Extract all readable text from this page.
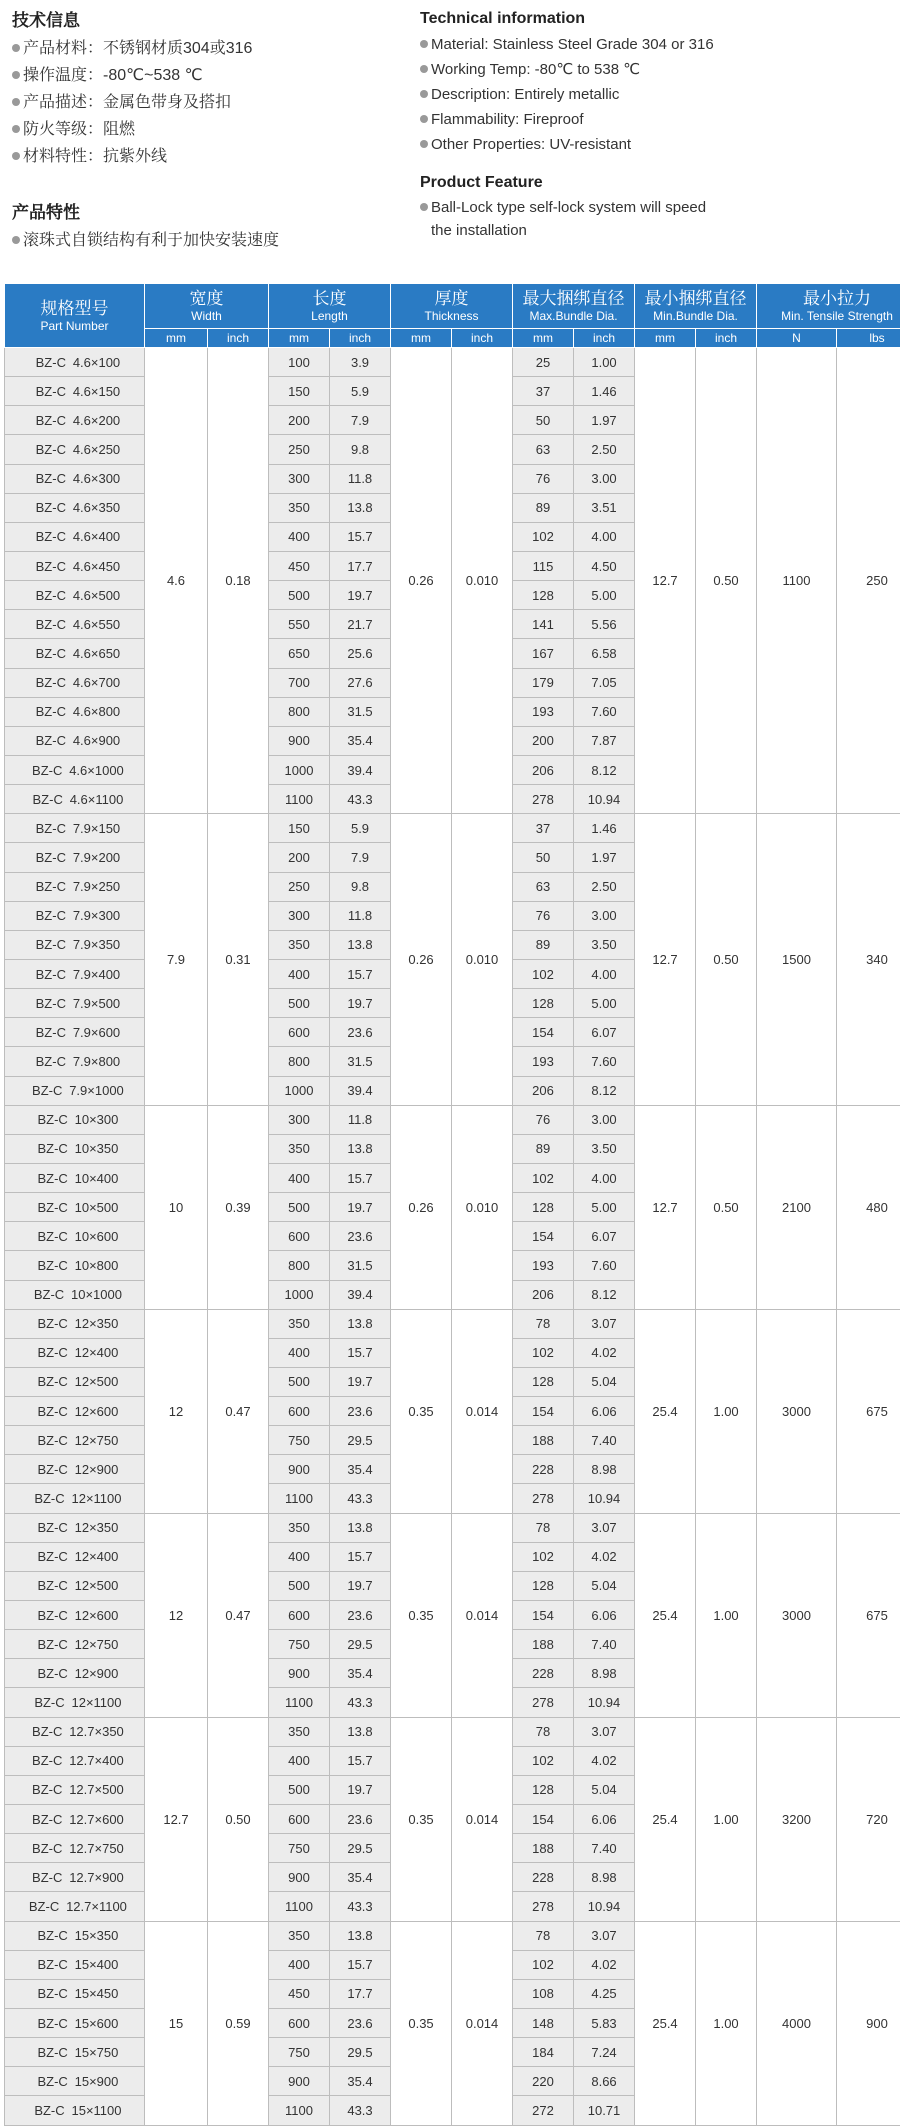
技术信息
产品材料：不锈钢材质304或316
操作温度：-80℃~538 ℃
产品描述：金属色带身及搭扣
防火等级：阻燃
材料特性：抗紫外线
Technical information
Material: Stainless Steel Grade 304 or 316
Working Temp: -80℃ to 538 ℃
Description: Entirely metallic
Flammability: Fireproof
Other Properties: UV-resistant
产品特性
滚珠式自锁结构有利于加快安装速度
Product Feature
Ball-Lock type self-lock system will speed
the installation
规格型号
Part Number	宽度
Width		长度
Length		厚度
Thickness		最大捆绑直径
Max.Bundle Dia.		最小捆绑直径
Min.Bundle Dia.		最小拉力
Min. Tensile Strength	

	mm	inch	mm	inch	mm	inch	mm	inch	mm	inch	N	lbs
BZ-C 4.6×100	4.6	0.18	100	3.9	0.26	0.010	25	1.00	12.7	0.50	1100	250
BZ-C 4.6×150			150	5.9			37	1.46				
BZ-C 4.6×200			200	7.9			50	1.97				
BZ-C 4.6×250			250	9.8			63	2.50				
BZ-C 4.6×300			300	11.8			76	3.00				
BZ-C 4.6×350			350	13.8			89	3.51				
BZ-C 4.6×400			400	15.7			102	4.00				
BZ-C 4.6×450			450	17.7			115	4.50				
BZ-C 4.6×500			500	19.7			128	5.00				
BZ-C 4.6×550			550	21.7			141	5.56				
BZ-C 4.6×650			650	25.6			167	6.58				
BZ-C 4.6×700			700	27.6			179	7.05				
BZ-C 4.6×800			800	31.5			193	7.60				
BZ-C 4.6×900			900	35.4			200	7.87				
BZ-C 4.6×1000			1000	39.4			206	8.12				
BZ-C 4.6×1100			1100	43.3			278	10.94				
BZ-C 7.9×150	7.9	0.31	150	5.9	0.26	0.010	37	1.46	12.7	0.50	1500	340
BZ-C 7.9×200			200	7.9			50	1.97				
BZ-C 7.9×250			250	9.8			63	2.50				
BZ-C 7.9×300			300	11.8			76	3.00				
BZ-C 7.9×350			350	13.8			89	3.50				
BZ-C 7.9×400			400	15.7			102	4.00				
BZ-C 7.9×500			500	19.7			128	5.00				
BZ-C 7.9×600			600	23.6			154	6.07				
BZ-C 7.9×800			800	31.5			193	7.60				
BZ-C 7.9×1000			1000	39.4			206	8.12				
BZ-C 10×300	10	0.39	300	11.8	0.26	0.010	76	3.00	12.7	0.50	2100	480
BZ-C 10×350			350	13.8			89	3.50				
BZ-C 10×400			400	15.7			102	4.00				
BZ-C 10×500			500	19.7			128	5.00				
BZ-C 10×600			600	23.6			154	6.07				
BZ-C 10×800			800	31.5			193	7.60				
BZ-C 10×1000			1000	39.4			206	8.12				
BZ-C 12×350	12	0.47	350	13.8	0.35	0.014	78	3.07	25.4	1.00	3000	675
BZ-C 12×400			400	15.7			102	4.02				
BZ-C 12×500			500	19.7			128	5.04				
BZ-C 12×600			600	23.6			154	6.06				
BZ-C 12×750			750	29.5			188	7.40				
BZ-C 12×900			900	35.4			228	8.98				
BZ-C 12×1100			1100	43.3			278	10.94				
BZ-C 12×350	12	0.47	350	13.8	0.35	0.014	78	3.07	25.4	1.00	3000	675
BZ-C 12×400			400	15.7			102	4.02				
BZ-C 12×500			500	19.7			128	5.04				
BZ-C 12×600			600	23.6			154	6.06				
BZ-C 12×750			750	29.5			188	7.40				
BZ-C 12×900			900	35.4			228	8.98				
BZ-C 12×1100			1100	43.3			278	10.94				
BZ-C 12.7×350	12.7	0.50	350	13.8	0.35	0.014	78	3.07	25.4	1.00	3200	720
BZ-C 12.7×400			400	15.7			102	4.02				
BZ-C 12.7×500			500	19.7			128	5.04				
BZ-C 12.7×600			600	23.6			154	6.06				
BZ-C 12.7×750			750	29.5			188	7.40				
BZ-C 12.7×900			900	35.4			228	8.98				
BZ-C 12.7×1100			1100	43.3			278	10.94				
BZ-C 15×350	15	0.59	350	13.8	0.35	0.014	78	3.07	25.4	1.00	4000	900
BZ-C 15×400			400	15.7			102	4.02				
BZ-C 15×450			450	17.7			108	4.25				
BZ-C 15×600			600	23.6			148	5.83				
BZ-C 15×750			750	29.5			184	7.24				
BZ-C 15×900			900	35.4			220	8.66				
BZ-C 15×1100			1100	43.3			272	10.71				
